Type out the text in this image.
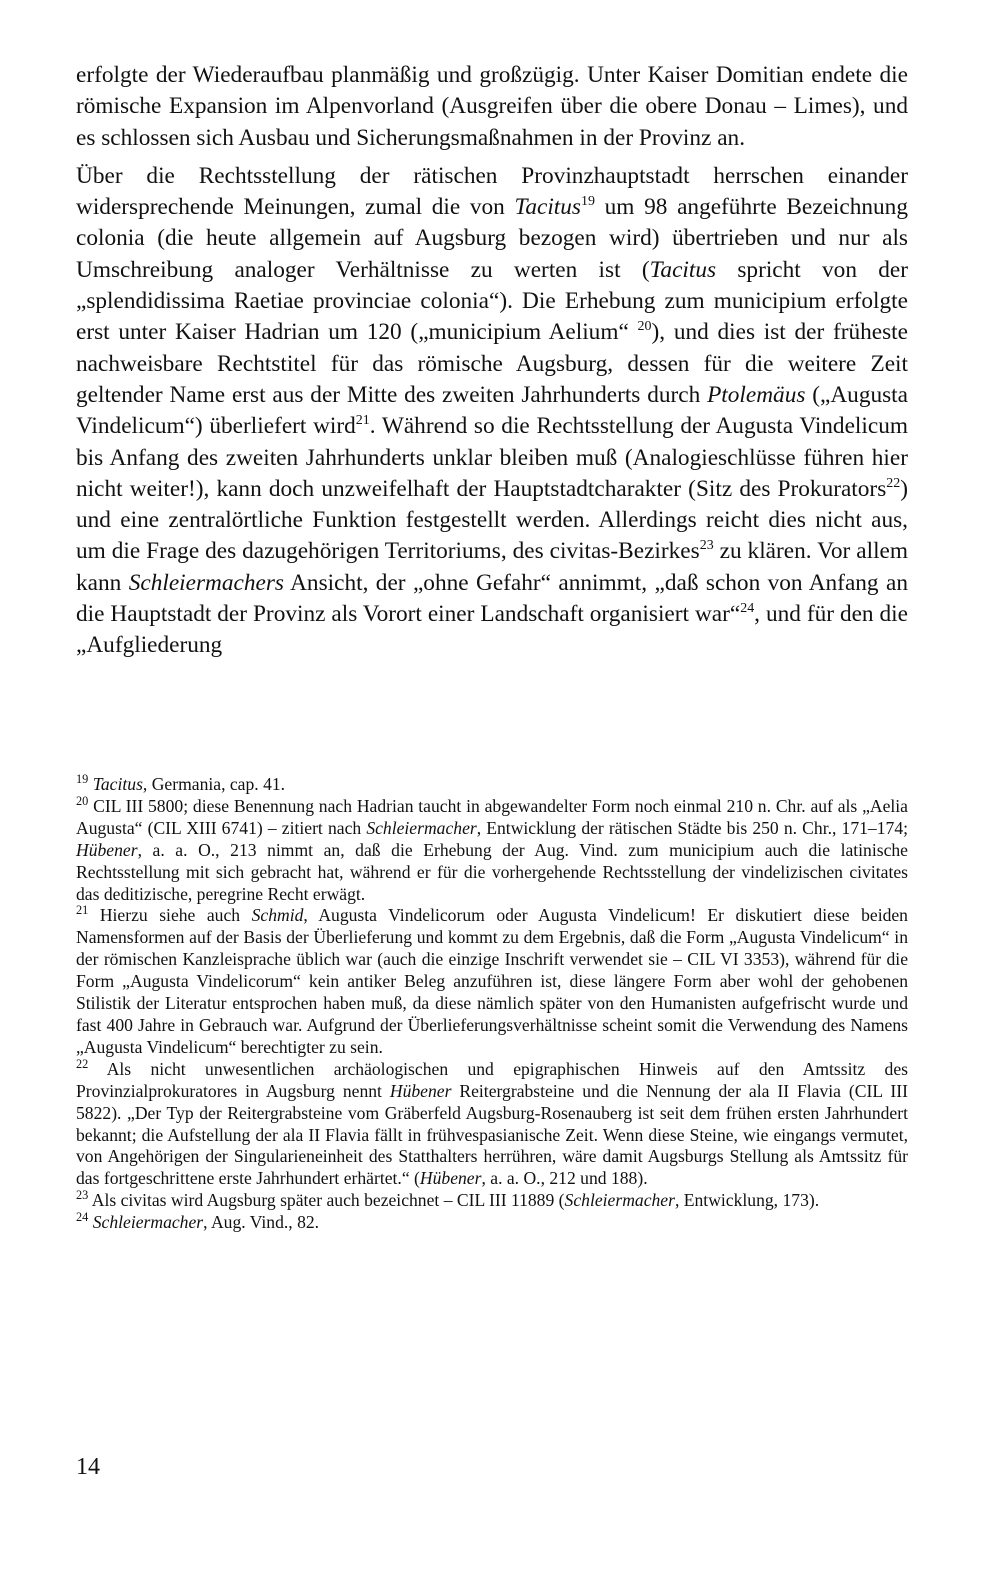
erfolgte der Wiederaufbau planmäßig und großzügig. Unter Kaiser Domitian endete die römische Expansion im Alpenvorland (Ausgreifen über die obere Donau – Limes), und es schlossen sich Ausbau und Sicherungsmaßnahmen in der Provinz an.

Über die Rechtsstellung der rätischen Provinzhauptstadt herrschen einander widersprechende Meinungen, zumal die von Tacitus$^{19}$ um 98 angeführte Bezeichnung colonia (die heute allgemein auf Augsburg bezogen wird) übertrieben und nur als Umschreibung analoger Verhältnisse zu werten ist (Tacitus spricht von der „splendidissima Raetiae provinciae colonia“). Die Erhebung zum municipium erfolgte erst unter Kaiser Hadrian um 120 („municipium Aelium“ $^{20}$), und dies ist der früheste nachweisbare Rechtstitel für das römische Augsburg, dessen für die weitere Zeit geltender Name erst aus der Mitte des zweiten Jahrhunderts durch Ptolemäus („Augusta Vindelicum“) überliefert wird$^{21}$. Während so die Rechtsstellung der Augusta Vindelicum bis Anfang des zweiten Jahrhunderts unklar bleiben muß (Analogieschlüsse führen hier nicht weiter!), kann doch unzweifelhaft der Hauptstadtcharakter (Sitz des Prokurators$^{22}$) und eine zentralörtliche Funktion festgestellt werden. Allerdings reicht dies nicht aus, um die Frage des dazugehörigen Territoriums, des civitas-Bezirkes$^{23}$ zu klären. Vor allem kann Schleiermachers Ansicht, der „ohne Gefahr“ annimmt, „daß schon von Anfang an die Hauptstadt der Provinz als Vorort einer Landschaft organisiert war“$^{24}$, und für den die „Aufgliederung

$^{19}$ Tacitus, Germania, cap. 41.

$^{20}$ CIL III 5800; diese Benennung nach Hadrian taucht in abgewandelter Form noch einmal 210 n. Chr. auf als „Aelia Augusta“ (CIL XIII 6741) – zitiert nach Schleiermacher, Entwicklung der rätischen Städte bis 250 n. Chr., 171–174; Hübener, a. a. O., 213 nimmt an, daß die Erhebung der Aug. Vind. zum municipium auch die latinische Rechtsstellung mit sich gebracht hat, während er für die vorhergehende Rechtsstellung der vindelizischen civitates das deditizische, peregrine Recht erwägt.

$^{21}$ Hierzu siehe auch Schmid, Augusta Vindelicorum oder Augusta Vindelicum! Er diskutiert diese beiden Namensformen auf der Basis der Überlieferung und kommt zu dem Ergebnis, daß die Form „Augusta Vindelicum“ in der römischen Kanzleisprache üblich war (auch die einzige Inschrift verwendet sie – CIL VI 3353), während für die Form „Augusta Vindelicorum“ kein antiker Beleg anzuführen ist, diese längere Form aber wohl der gehobenen Stilistik der Literatur entsprochen haben muß, da diese nämlich später von den Humanisten aufgefrischt wurde und fast 400 Jahre in Gebrauch war. Aufgrund der Überlieferungsverhältnisse scheint somit die Verwendung des Namens „Augusta Vindelicum“ berechtigter zu sein.

$^{22}$ Als nicht unwesentlichen archäologischen und epigraphischen Hinweis auf den Amtssitz des Provinzialprokuratores in Augsburg nennt Hübener Reitergrabsteine und die Nennung der ala II Flavia (CIL III 5822). „Der Typ der Reitergrabsteine vom Gräberfeld Augsburg-Rosenauberg ist seit dem frühen ersten Jahrhundert bekannt; die Aufstellung der ala II Flavia fällt in frühvespasianische Zeit. Wenn diese Steine, wie eingangs vermutet, von Angehörigen der Singularieneinheit des Statthalters herrühren, wäre damit Augsburgs Stellung als Amtssitz für das fortgeschrittene erste Jahrhundert erhärtet.“ (Hübener, a. a. O., 212 und 188).

$^{23}$ Als civitas wird Augsburg später auch bezeichnet – CIL III 11889 (Schleiermacher, Entwicklung, 173).

$^{24}$ Schleiermacher, Aug. Vind., 82.

14
